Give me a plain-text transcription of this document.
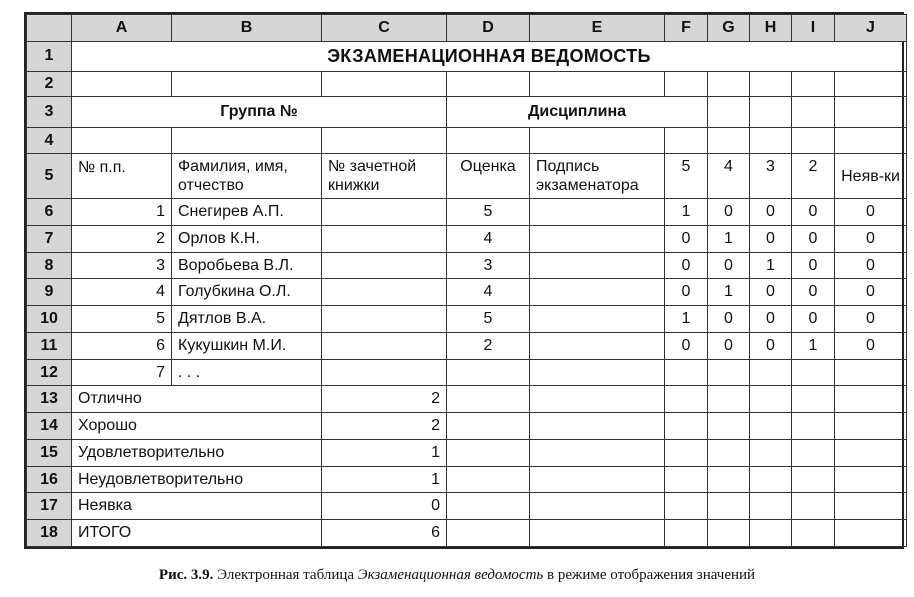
	A	B	C	D	E	F	G	H	I	J
1	ЭКЗАМЕНАЦИОННАЯ ВЕДОМОСТЬ									
2										
3	Группа №			Дисциплина						
4										
5	№ п.п.	Фамилия, имя, отчество	№ зачетной книжки	Оценка	Подпись экзаменатора	5	4	3	2	Неяв-ки
6	1	Снегирев А.П.		5		1	0	0	0	0
7	2	Орлов К.Н.		4		0	1	0	0	0
8	3	Воробьева В.Л.		3		0	0	1	0	0
9	4	Голубкина О.Л.		4		0	1	0	0	0
10	5	Дятлов В.А.		5		1	0	0	0	0
11	6	Кукушкин М.И.		2		0	0	0	1	0
12	7	. . .								
13	Отлично		2							
14	Хорошо		2							
15	Удовлетворительно		1							
16	Неудовлетворительно		1							
17	Неявка		0							
18	ИТОГО		6							
Рис. 3.9. Электронная таблица Экзаменационная ведомость в режиме отображения значений
